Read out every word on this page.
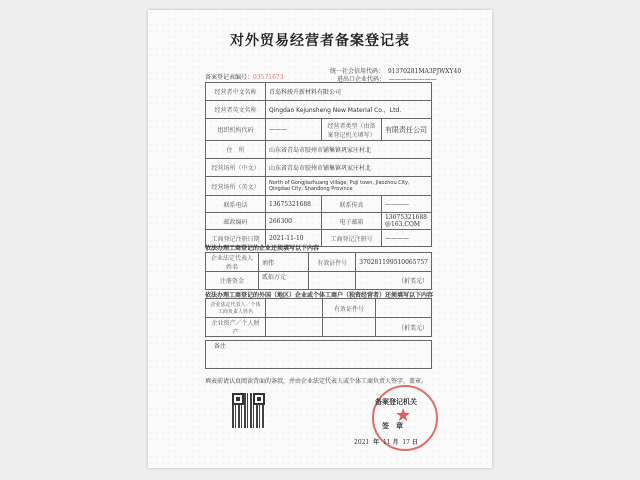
对外贸易经营者备案登记表
备案登记表编号：03571673
统一社会信用代码： 91370281MA3PJWXY40
进出口企业代码： ————————
经营者中文名称	青岛科竣升新材料有限公司		
经营者英文名称	Qingdao Kejunsheng New Material Co.，Ltd.		
组织机构代码	———	经营者类型（由备案登记机关填写）	有限责任公司
住　所	山东省青岛市胶州市铺集镇巩家庄村北		
经营场所（中文）	山东省青岛市胶州市铺集镇巩家庄村北		
经营场所（英文）	North of Gongjiazhuang village, Puji town, Jiaozhou City, Qingdao City, Shandong Province		
联系电话	13675321688	联系传真	————
邮政编码	266300	电子邮箱	13675321688@163.COM
工商登记注册日期	2021-11-10	工商登记注册号	————
依法办理工商登记的企业还须填写以下内容
企业法定代表人姓名	刘伟	有效证件号	370281199510065757
注册资金	贰佰万元		（折美元）
依法办理工商登记的外国（地区）企业或个体工商户（独资经营者）还须填写以下内容
企业法定代表人／个体工商负责人姓名		有效证件号	
企业资产／个人财产			（折美元）
备注
填表前请认真阅读背面的条款，并由企业法定代表人或个体工商负责人签字、盖章。
★
备案登记机关
签　章
2021 年 11 月 17 日
